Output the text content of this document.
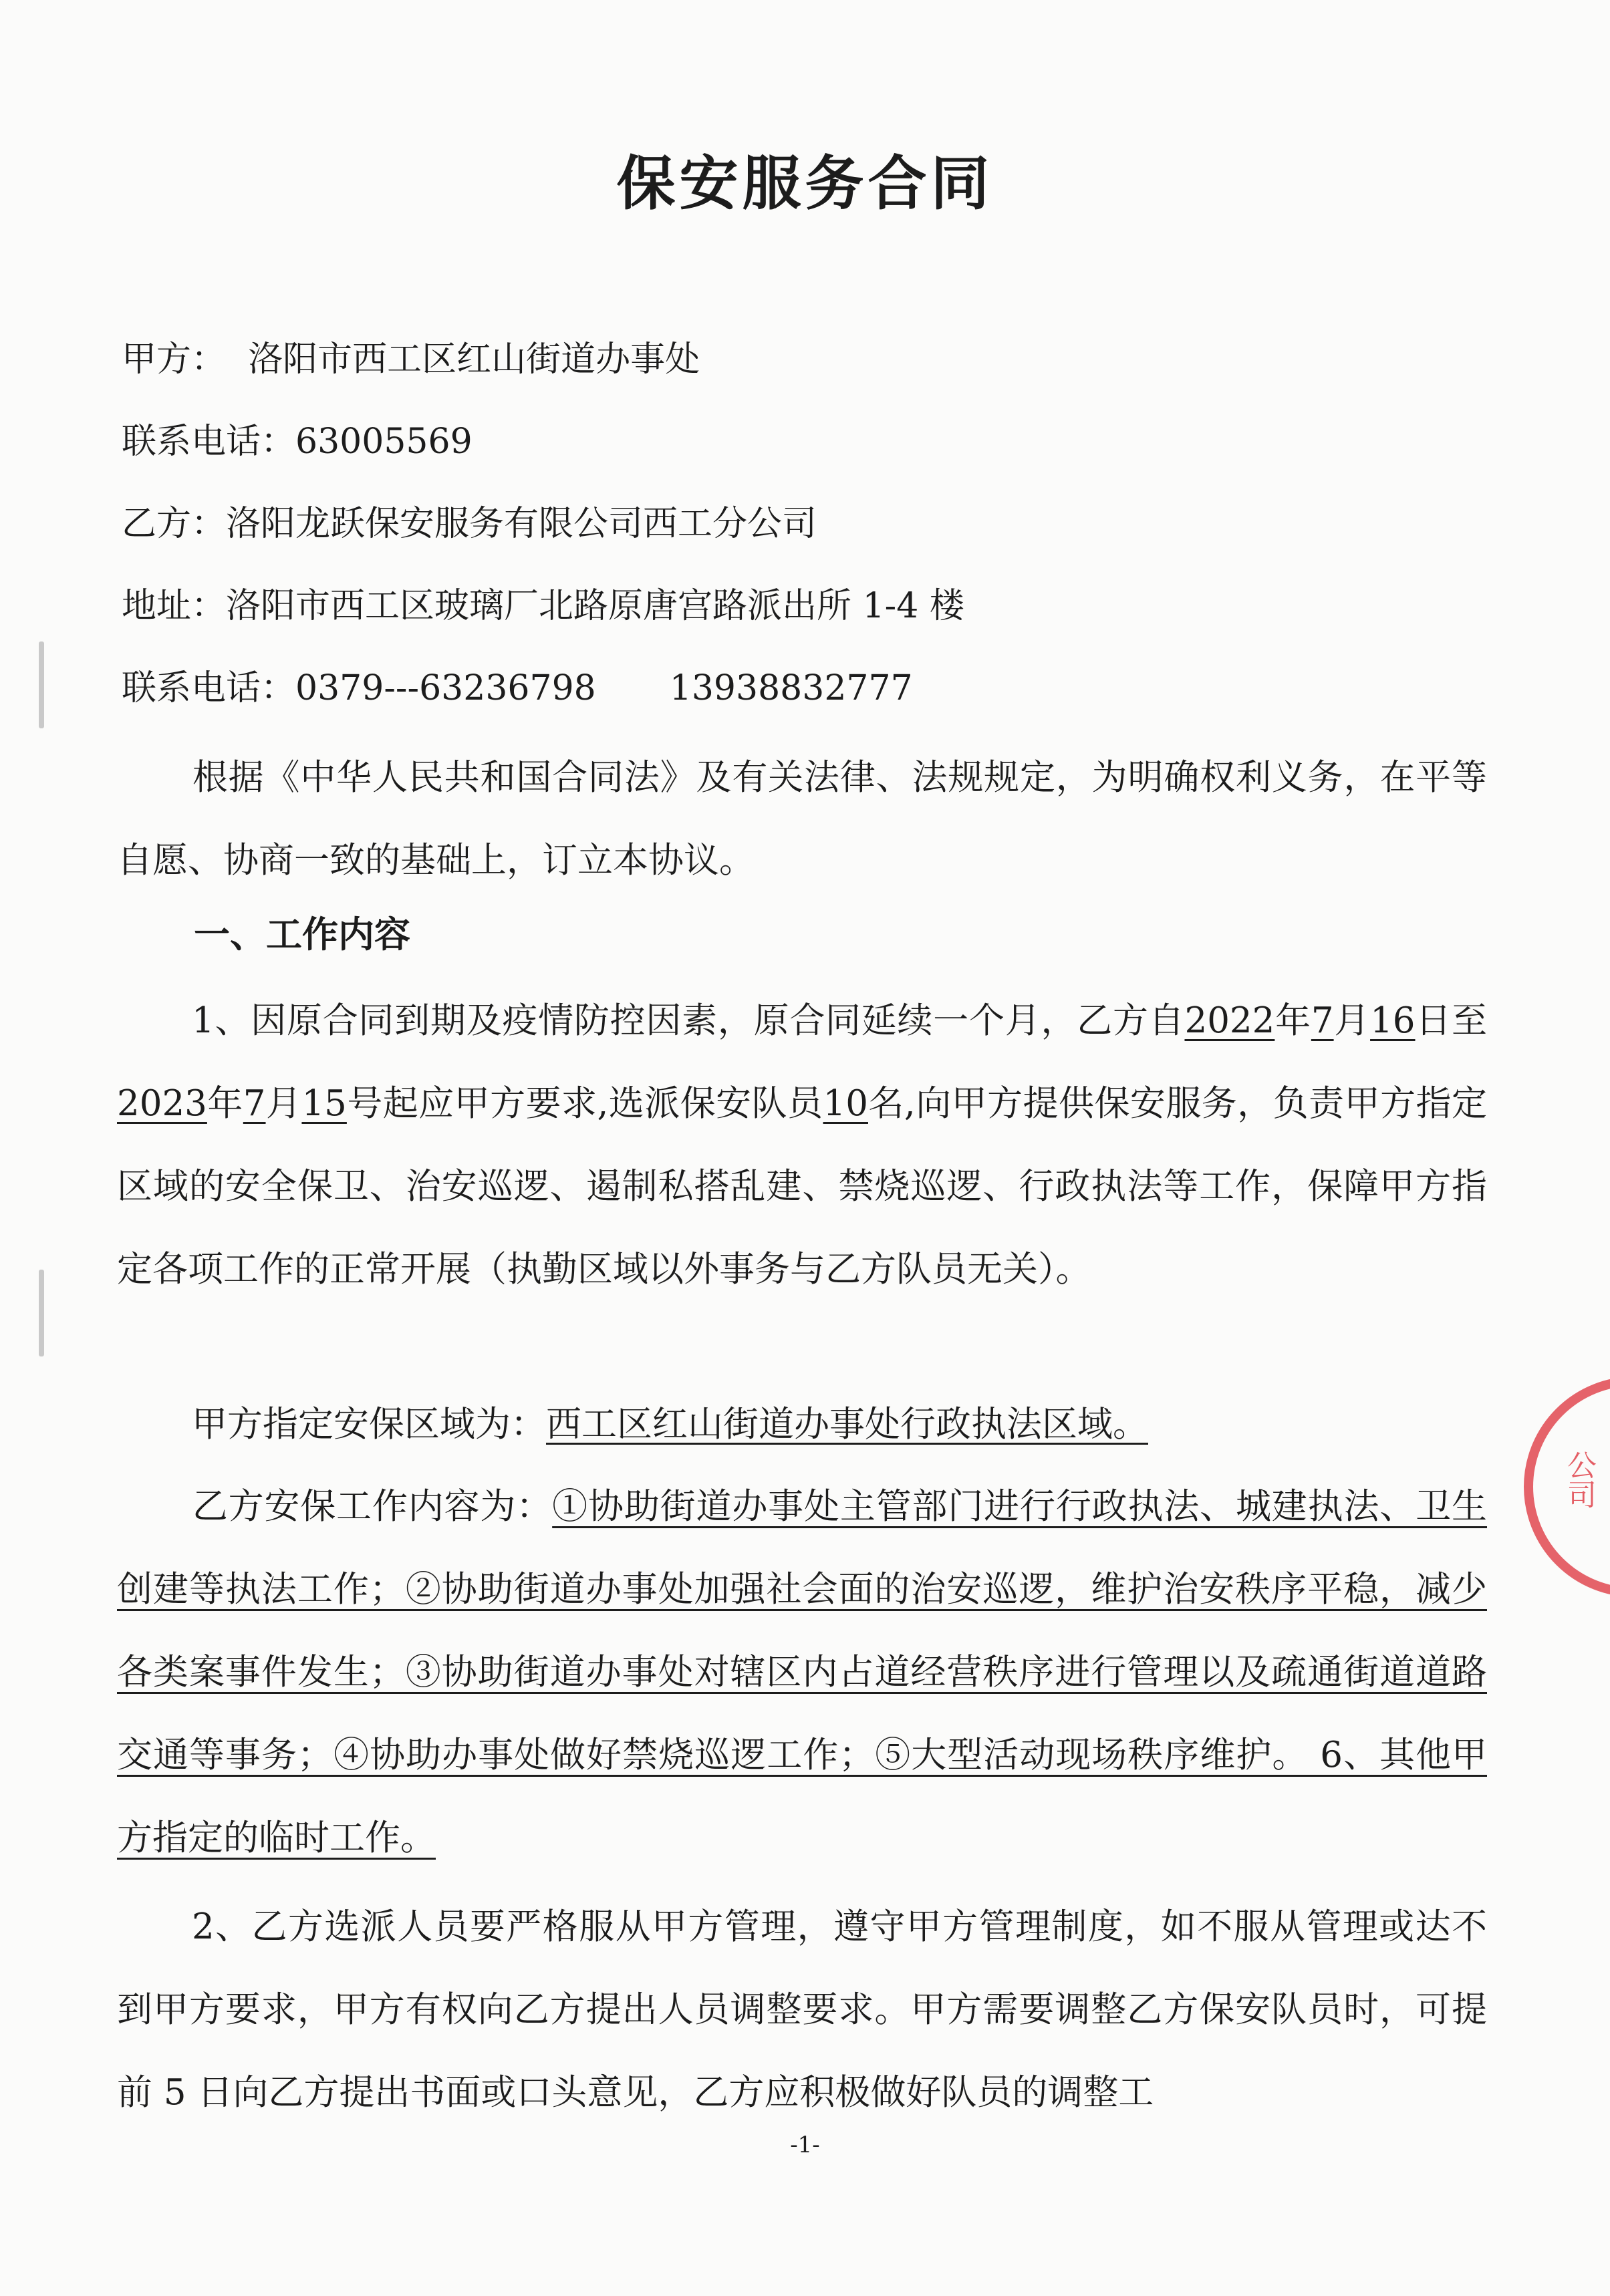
保安服务合同
甲方： 洛阳市西工区红山街道办事处
联系电话：63005569
乙方：洛阳龙跃保安服务有限公司西工分公司
地址：洛阳市西工区玻璃厂北路原唐宫路派出所 1-4 楼
联系电话：0379---63236798 13938832777
根据《中华人民共和国合同法》及有关法律、法规规定，为明确权利义务，在平等自愿、协商一致的基础上，订立本协议。
一、工作内容
1、因原合同到期及疫情防控因素，原合同延续一个月，乙方自2022年7月16日至2023年7月15号起应甲方要求,选派保安队员10名,向甲方提供保安服务，负责甲方指定区域的安全保卫、治安巡逻、遏制私搭乱建、禁烧巡逻、行政执法等工作，保障甲方指定各项工作的正常开展（执勤区域以外事务与乙方队员无关）。
甲方指定安保区域为：西工区红山街道办事处行政执法区域。
乙方安保工作内容为：①协助街道办事处主管部门进行行政执法、城建执法、卫生创建等执法工作；②协助街道办事处加强社会面的治安巡逻，维护治安秩序平稳，减少各类案事件发生；③协助街道办事处对辖区内占道经营秩序进行管理以及疏通街道道路交通等事务；④协助办事处做好禁烧巡逻工作；⑤大型活动现场秩序维护。 6、其他甲方指定的临时工作。
2、乙方选派人员要严格服从甲方管理，遵守甲方管理制度，如不服从管理或达不到甲方要求，甲方有权向乙方提出人员调整要求。甲方需要调整乙方保安队员时，可提前 5 日向乙方提出书面或口头意见，乙方应积极做好队员的调整工
-1-
公司
